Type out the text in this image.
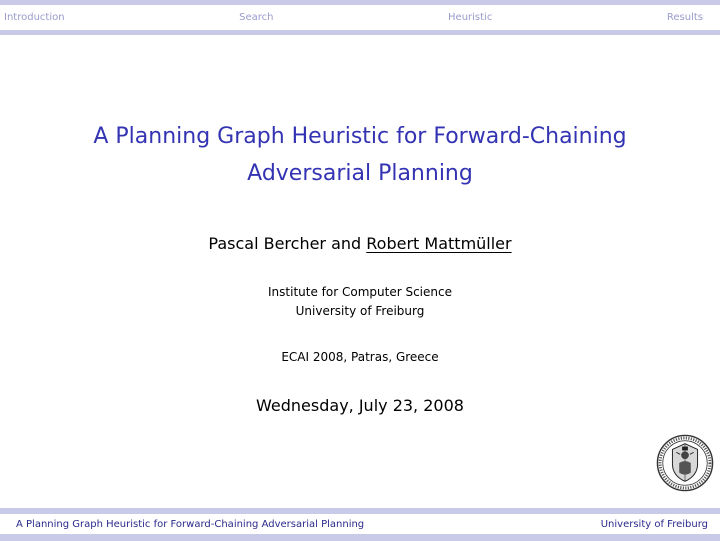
Introduction	Search	Heuristic	Results
A Planning Graph Heuristic for Forward-Chaining
Adversarial Planning
Pascal Bercher and Robert Mattmüller
Institute for Computer Science
University of Freiburg
ECAI 2008, Patras, Greece
Wednesday, July 23, 2008
A Planning Graph Heuristic for Forward-Chaining Adversarial Planning	University of Freiburg
